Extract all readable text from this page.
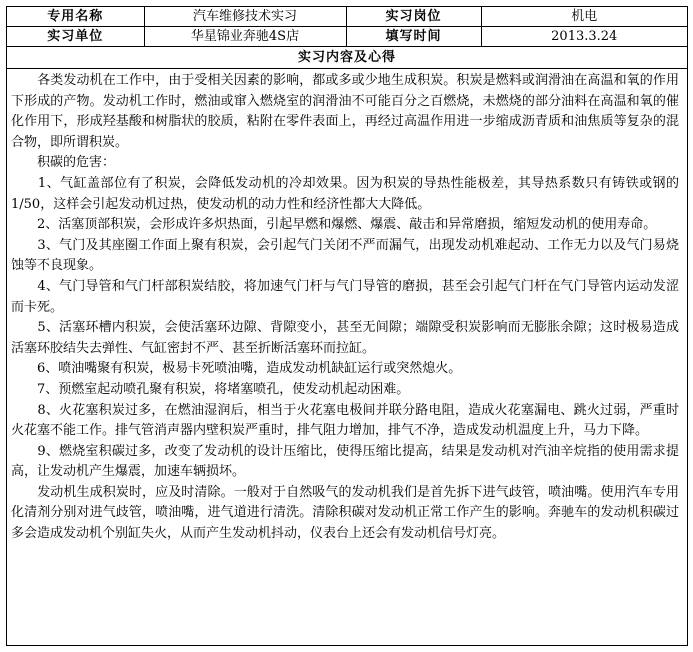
专用名称	汽车维修技术实习	实习岗位	机电
实习单位	华星锦业奔驰4S店	填写时间	2013.3.24
实习内容及心得

　　各类发动机在工作中，由于受相关因素的影响，都或多或少地生成积炭。积炭是燃料或润滑油在高温和氧的作用下形成的产物。发动机工作时，燃油或窜入燃烧室的润滑油不可能百分之百燃烧，未燃烧的部分油料在高温和氧的催化作用下，形成羟基酸和树脂状的胶质，粘附在零件表面上，再经过高温作用进一步缩成沥青质和油焦质等复杂的混合物，即所谓积炭。

　　积碳的危害：

　　1、气缸盖部位有了积炭，会降低发动机的冷却效果。因为积炭的导热性能极差，其导热系数只有铸铁或钢的1/50，这样会引起发动机过热，使发动机的动力性和经济性都大大降低。

　　2、活塞顶部积炭，会形成许多炽热面，引起早燃和爆燃、爆震、敲击和异常磨损，缩短发动机的使用寿命。

　　3、气门及其座圈工作面上聚有积炭，会引起气门关闭不严而漏气，出现发动机难起动、工作无力以及气门易烧蚀等不良现象。

　　4、气门导管和气门杆部积炭结胶，将加速气门杆与气门导管的磨损，甚至会引起气门杆在气门导管内运动发涩而卡死。

　　5、活塞环槽内积炭，会使活塞环边隙、背隙变小，甚至无间隙；端隙受积炭影响而无膨胀余隙；这时极易造成活塞环胶结失去弹性、气缸密封不严、甚至折断活塞环而拉缸。

　　6、喷油嘴聚有积炭，极易卡死喷油嘴，造成发动机缺缸运行或突然熄火。

　　7、预燃室起动喷孔聚有积炭，将堵塞喷孔，使发动机起动困难。

　　8、火花塞积炭过多，在燃油湿润后，相当于火花塞电极间并联分路电阻，造成火花塞漏电、跳火过弱，严重时火花塞不能工作。排气管消声器内壁积炭严重时，排气阻力增加，排气不净，造成发动机温度上升，马力下降。

　　9、燃烧室积碳过多，改变了发动机的设计压缩比，使得压缩比提高，结果是发动机对汽油辛烷指的使用需求提高，让发动机产生爆震，加速车辆损坏。

　　发动机生成积炭时，应及时清除。一般对于自然吸气的发动机我们是首先拆下进气歧管，喷油嘴。使用汽车专用化清剂分别对进气歧管，喷油嘴，进气道进行清洗。清除积碳对发动机正常工作产生的影响。奔驰车的发动机积碳过多会造成发动机个别缸失火，从而产生发动机抖动，仪表台上还会有发动机信号灯亮。
